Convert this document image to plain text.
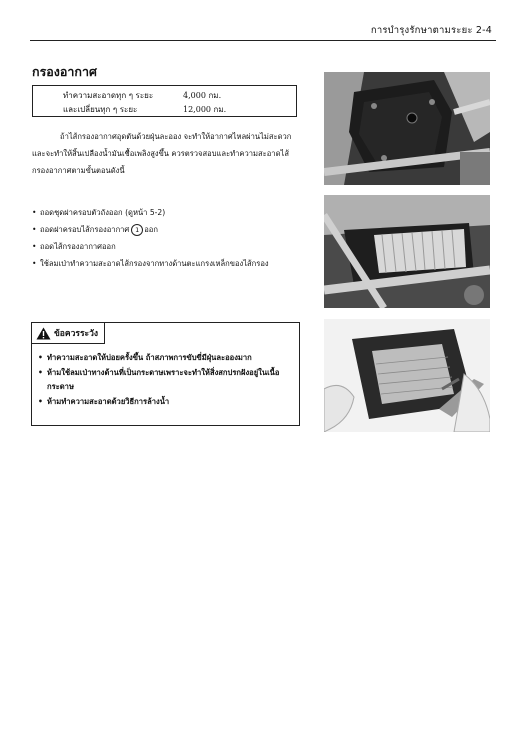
การบำรุงรักษาตามระยะ 2-4
กรองอากาศ
ทำความสะอาดทุก ๆ ระยะ	4,000 กม.
และเปลี่ยนทุก ๆ ระยะ	12,000 กม.
ถ้าไส้กรองอากาศอุดตันด้วยฝุ่นละออง จะทำให้อากาศไหลผ่านไม่สะดวกและจะทำให้สิ้นเปลืองน้ำมันเชื้อเพลิงสูงขึ้น ควรตรวจสอบและทำความสะอาดไส้กรองอากาศตามขั้นตอนดังนี้
• ถอดชุดฝาครอบตัวถังออก (ดูหน้า 5-2)
• ถอดฝาครอบไส้กรองอากาศ 1 ออก
• ถอดไส้กรองอากาศออก
• ใช้ลมเป่าทำความสะอาดไส้กรองจากทางด้านตะแกรงเหล็กของไส้กรอง
ข้อควรระวัง
• ทำความสะอาดให้บ่อยครั้งขึ้น ถ้าสภาพการขับขี่มีฝุ่นละอองมาก
• ห้ามใช้ลมเป่าทางด้านที่เป็นกระดาษเพราะจะทำให้สิ่งสกปรกฝังอยู่ในเนื้อกระดาษ
• ห้ามทำความสะอาดด้วยวิธีการล้างน้ำ
